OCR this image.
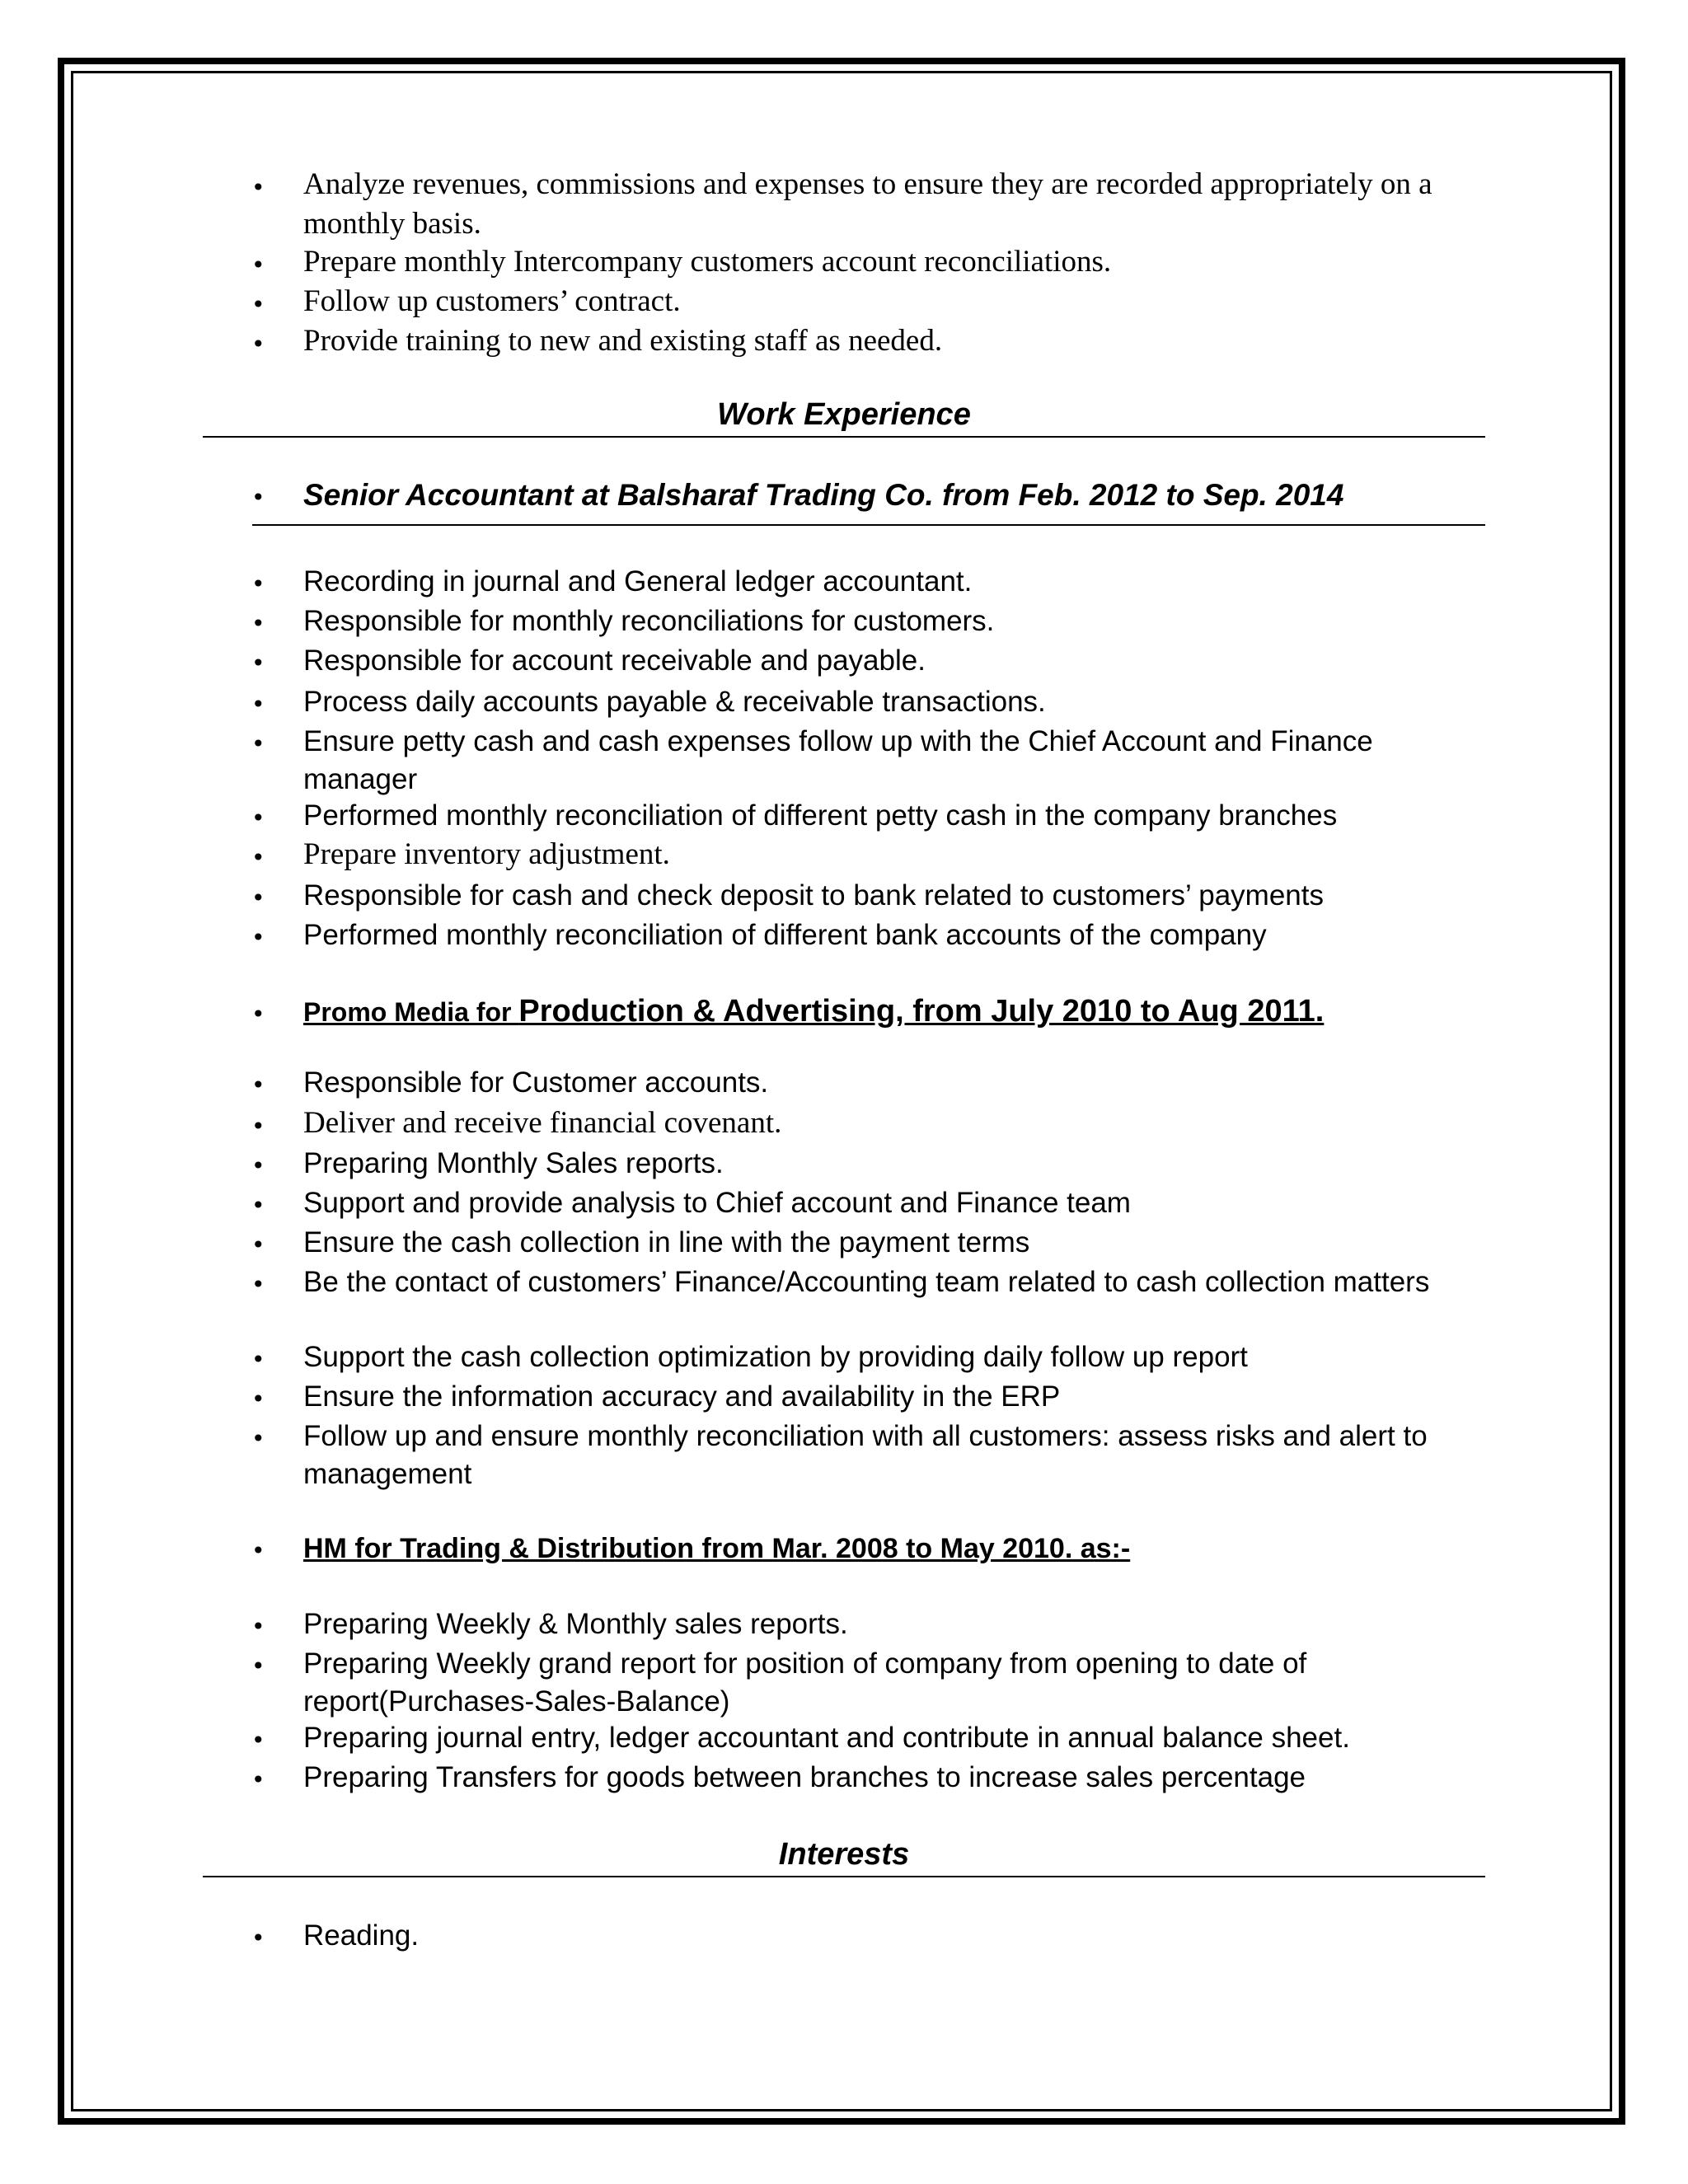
• Analyze revenues, commissions and expenses to ensure they are recorded appropriately on a monthly basis.
• Prepare monthly Intercompany customers account reconciliations.
• Follow up customers’ contract.
• Provide training to new and existing staff as needed.
Work Experience
• Senior Accountant at Balsharaf Trading Co. from Feb. 2012 to Sep. 2014
• Recording in journal and General ledger accountant.
• Responsible for monthly reconciliations for customers.
• Responsible for account receivable and payable.
• Process daily accounts payable & receivable transactions.
• Ensure petty cash and cash expenses follow up with the Chief Account and Finance manager
• Performed monthly reconciliation of different petty cash in the company branches
• Prepare inventory adjustment.
• Responsible for cash and check deposit to bank related to customers’ payments
• Performed monthly reconciliation of different bank accounts of the company
• Promo Media for Production & Advertising, from July 2010 to Aug 2011.
• Responsible for Customer accounts.
• Deliver and receive financial covenant.
• Preparing Monthly Sales reports.
• Support and provide analysis to Chief account and Finance team
• Ensure the cash collection in line with the payment terms
• Be the contact of customers’ Finance/Accounting team related to cash collection matters
• Support the cash collection optimization by providing daily follow up report
• Ensure the information accuracy and availability in the ERP
• Follow up and ensure monthly reconciliation with all customers: assess risks and alert to management
• HM for Trading & Distribution from Mar. 2008 to May 2010. as:-
• Preparing Weekly & Monthly sales reports.
• Preparing Weekly grand report for position of company from opening to date of report(Purchases-Sales-Balance)
• Preparing journal entry, ledger accountant and contribute in annual balance sheet.
• Preparing Transfers for goods between branches to increase sales percentage
Interests
• Reading.
